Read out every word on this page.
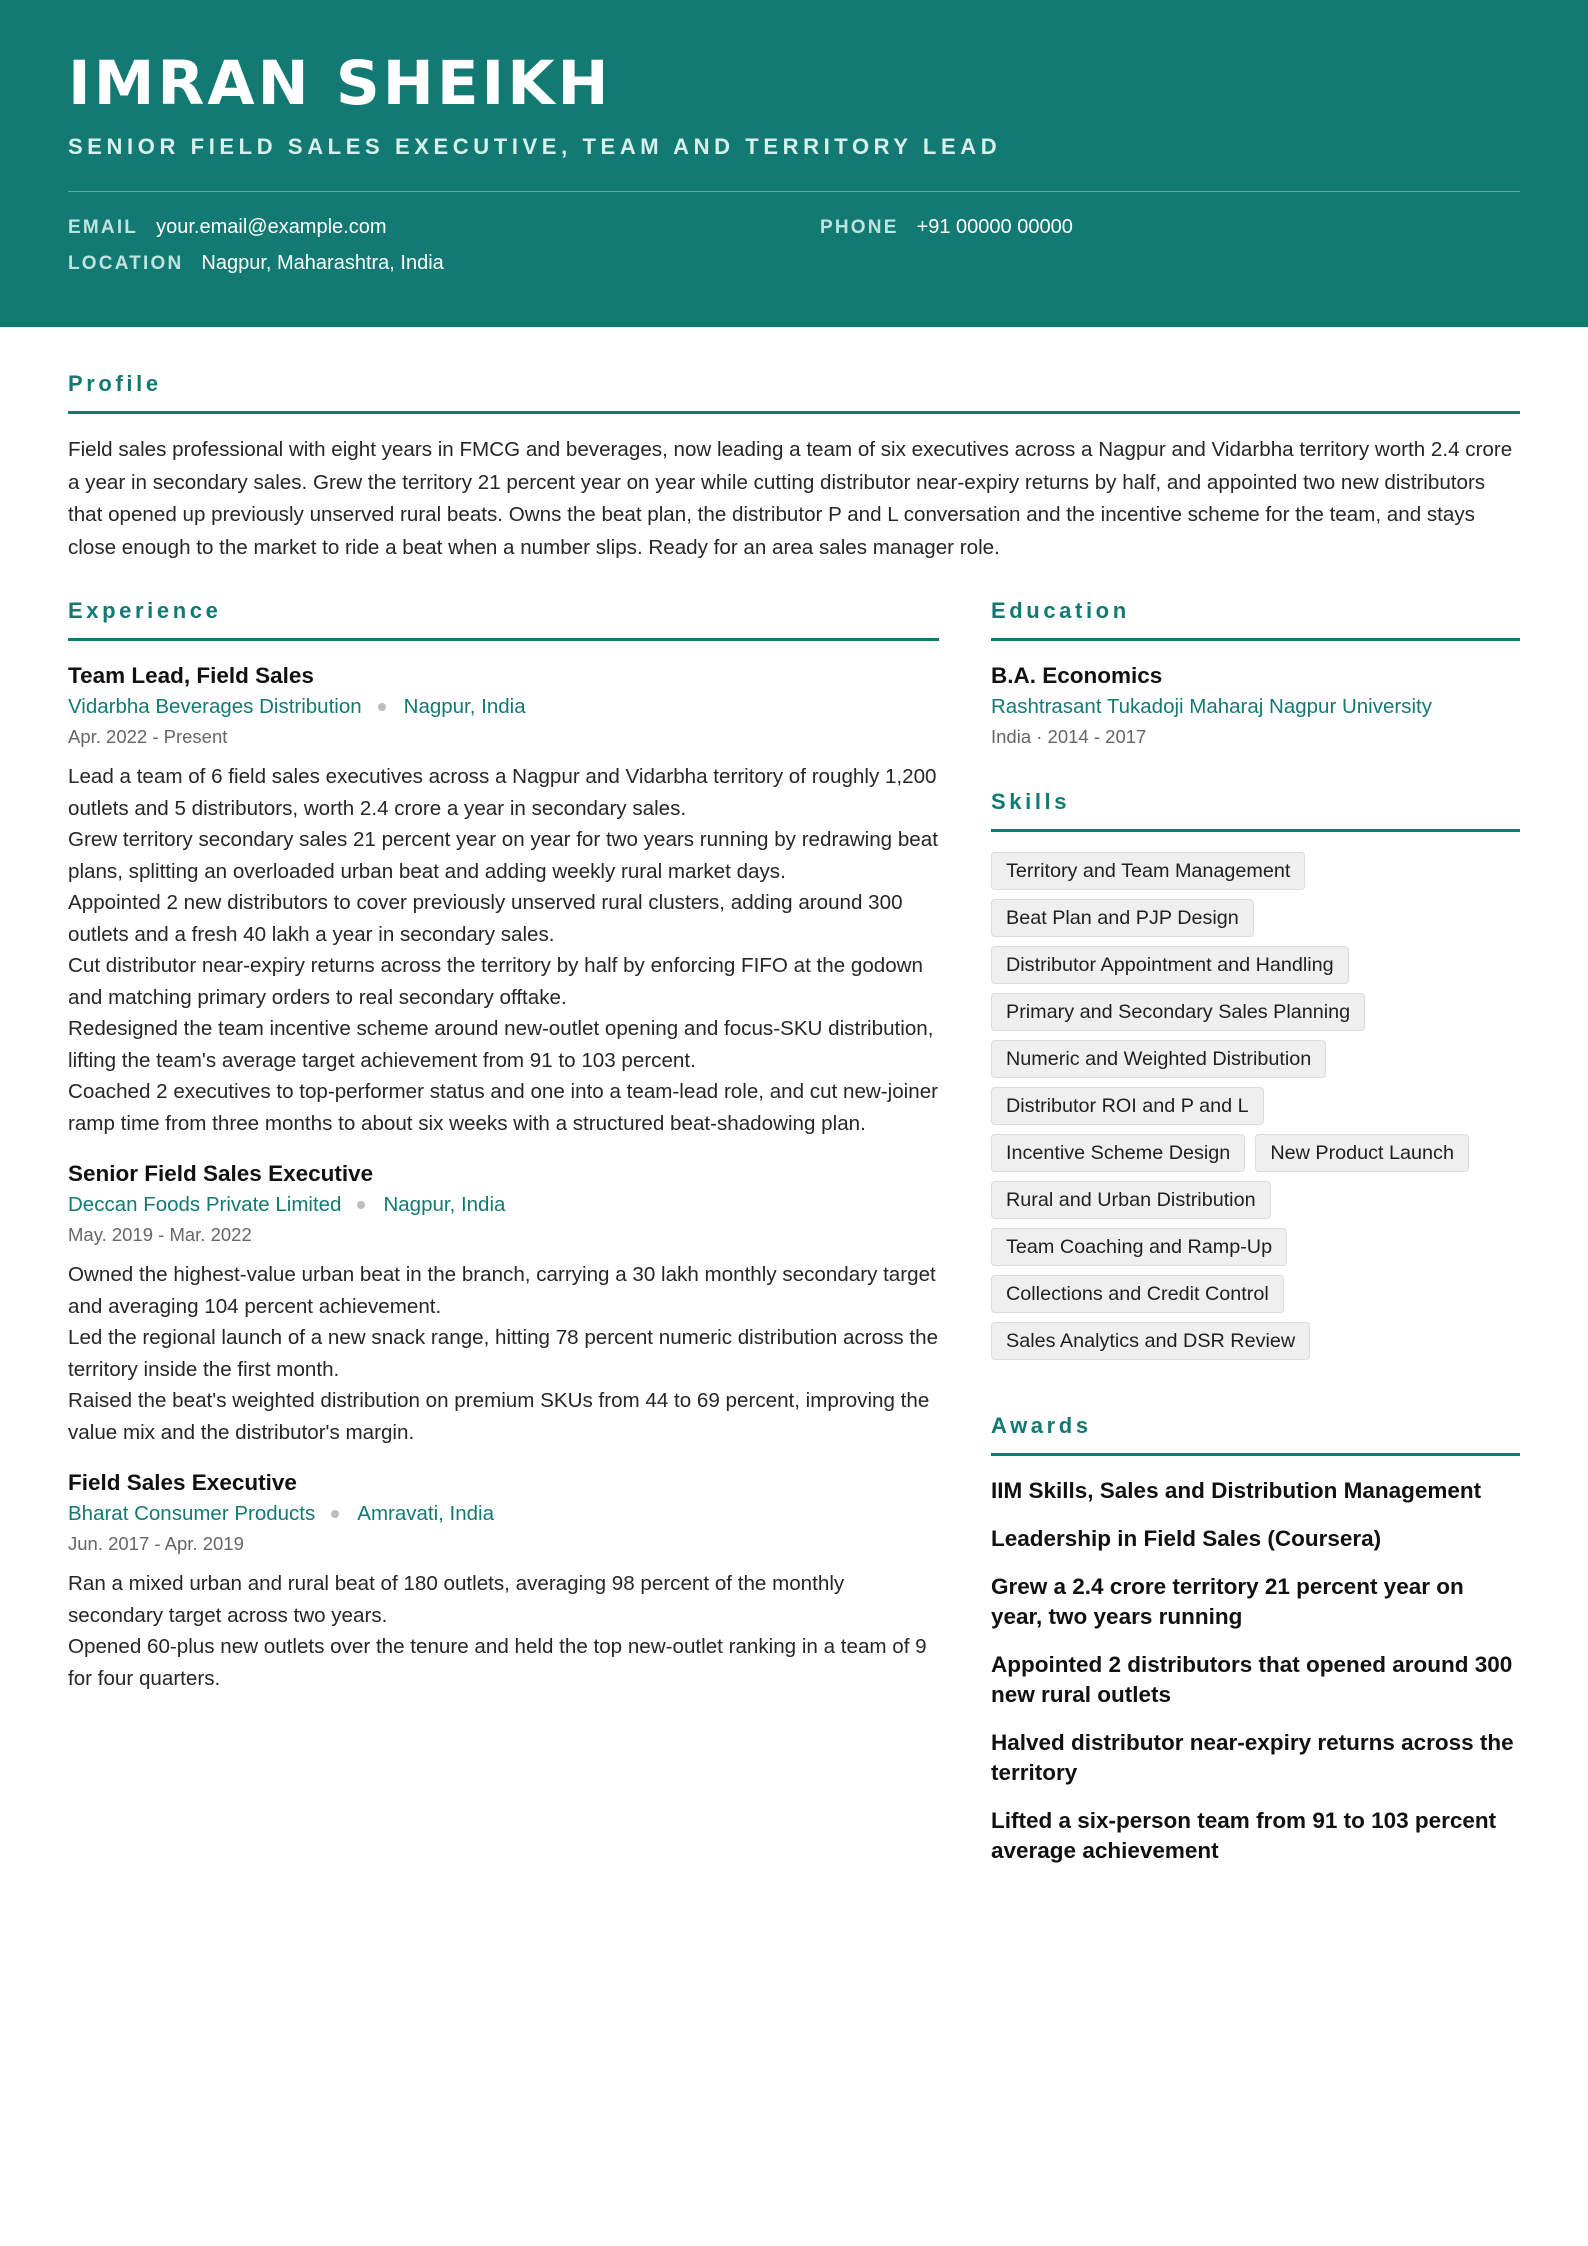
IMRAN SHEIKH
SENIOR FIELD SALES EXECUTIVE, TEAM AND TERRITORY LEAD
EMAIL your.email@example.com	PHONE +91 00000 00000
LOCATION Nagpur, Maharashtra, India
Profile
Field sales professional with eight years in FMCG and beverages, now leading a team of six executives across a Nagpur and Vidarbha territory worth 2.4 crore a year in secondary sales. Grew the territory 21 percent year on year while cutting distributor near-expiry returns by half, and appointed two new distributors that opened up previously unserved rural beats. Owns the beat plan, the distributor P and L conversation and the incentive scheme for the team, and stays close enough to the market to ride a beat when a number slips. Ready for an area sales manager role.
Experience
Team Lead, Field Sales
Vidarbha Beverages Distribution Nagpur, India
Apr. 2022 - Present
Lead a team of 6 field sales executives across a Nagpur and Vidarbha territory of roughly 1,200 outlets and 5 distributors, worth 2.4 crore a year in secondary sales.
Grew territory secondary sales 21 percent year on year for two years running by redrawing beat plans, splitting an overloaded urban beat and adding weekly rural market days.
Appointed 2 new distributors to cover previously unserved rural clusters, adding around 300 outlets and a fresh 40 lakh a year in secondary sales.
Cut distributor near-expiry returns across the territory by half by enforcing FIFO at the godown and matching primary orders to real secondary offtake.
Redesigned the team incentive scheme around new-outlet opening and focus-SKU distribution, lifting the team's average target achievement from 91 to 103 percent.
Coached 2 executives to top-performer status and one into a team-lead role, and cut new-joiner ramp time from three months to about six weeks with a structured beat-shadowing plan.
Senior Field Sales Executive
Deccan Foods Private Limited Nagpur, India
May. 2019 - Mar. 2022
Owned the highest-value urban beat in the branch, carrying a 30 lakh monthly secondary target and averaging 104 percent achievement.
Led the regional launch of a new snack range, hitting 78 percent numeric distribution across the territory inside the first month.
Raised the beat's weighted distribution on premium SKUs from 44 to 69 percent, improving the value mix and the distributor's margin.
Field Sales Executive
Bharat Consumer Products Amravati, India
Jun. 2017 - Apr. 2019
Ran a mixed urban and rural beat of 180 outlets, averaging 98 percent of the monthly secondary target across two years.
Opened 60-plus new outlets over the tenure and held the top new-outlet ranking in a team of 9 for four quarters.
Education
B.A. Economics
Rashtrasant Tukadoji Maharaj Nagpur University
India · 2014 - 2017
Skills
Territory and Team Management
Beat Plan and PJP Design
Distributor Appointment and Handling
Primary and Secondary Sales Planning
Numeric and Weighted Distribution
Distributor ROI and P and L
Incentive Scheme Design	New Product Launch
Rural and Urban Distribution
Team Coaching and Ramp-Up
Collections and Credit Control
Sales Analytics and DSR Review
Awards
IIM Skills, Sales and Distribution Management
Leadership in Field Sales (Coursera)
Grew a 2.4 crore territory 21 percent year on year, two years running
Appointed 2 distributors that opened around 300 new rural outlets
Halved distributor near-expiry returns across the territory
Lifted a six-person team from 91 to 103 percent average achievement
